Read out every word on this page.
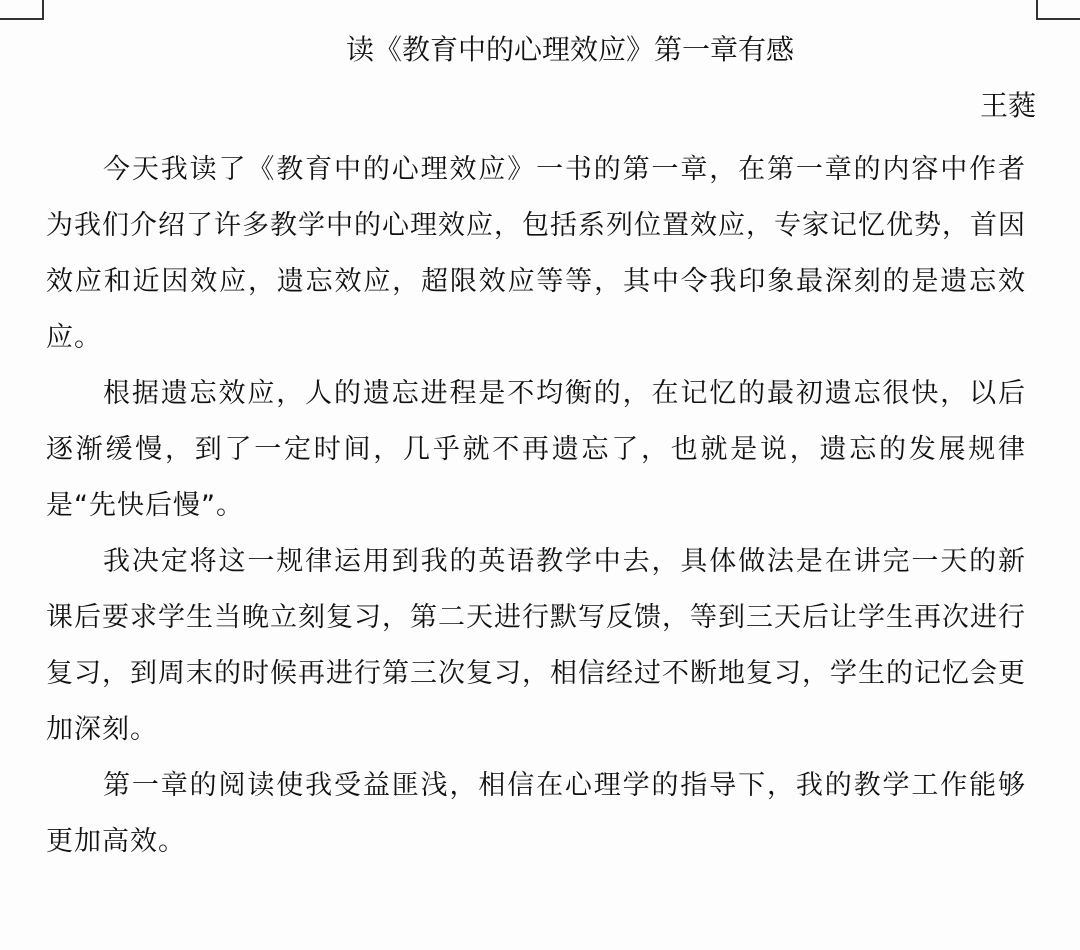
读《教育中的心理效应》第一章有感
王蕤

今天我读了《教育中的心理效应》一书的第一章，在第一章的内容中作者为我们介绍了许多教学中的心理效应，包括系列位置效应，专家记忆优势，首因效应和近因效应，遗忘效应，超限效应等等，其中令我印象最深刻的是遗忘效应。

根据遗忘效应，人的遗忘进程是不均衡的，在记忆的最初遗忘很快，以后逐渐缓慢，到了一定时间，几乎就不再遗忘了，也就是说，遗忘的发展规律是“先快后慢”。

我决定将这一规律运用到我的英语教学中去，具体做法是在讲完一天的新课后要求学生当晚立刻复习，第二天进行默写反馈，等到三天后让学生再次进行复习，到周末的时候再进行第三次复习，相信经过不断地复习，学生的记忆会更加深刻。

第一章的阅读使我受益匪浅，相信在心理学的指导下，我的教学工作能够更加高效。
